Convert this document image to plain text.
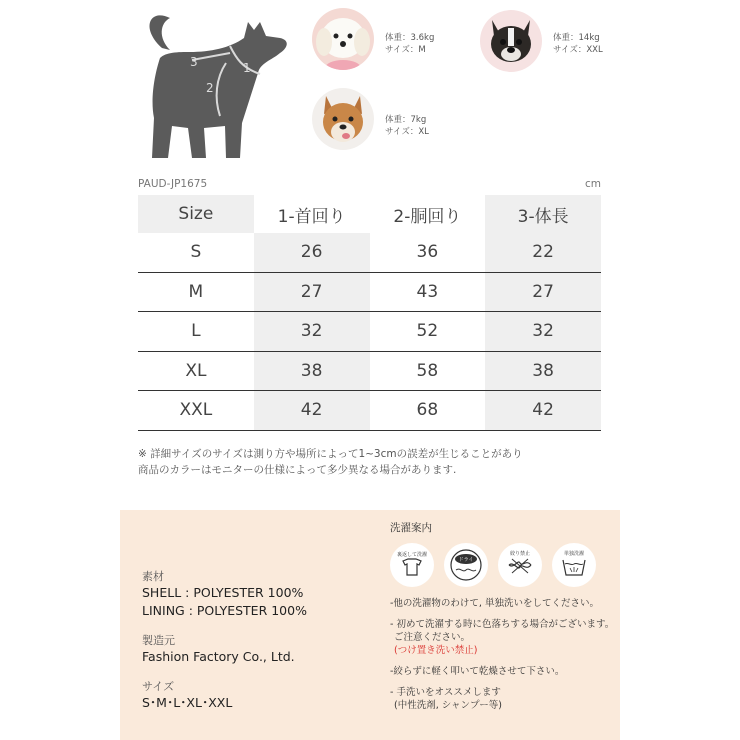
3	1
2
体重：3.6kg
サイズ：M
体重：14kg
サイズ：XXL
体重：7kg
サイズ：XL
PAUD-JP1675	cm
Size	1-首回り	2-胴回り	3-体長
S	26	36	22
M	27	43	27
L	32	52	32
XL	38	58	38
XXL	42	68	42
※ 詳細サイズのサイズは測り方や場所によって1~3cmの誤差が生じることがあり
商品のカラーはモニターの仕様によって多少異なる場合があります.
素材
SHELL : POLYESTER 100%
LINING : POLYESTER 100%
製造元
Fashion Factory Co., Ltd.
サイズ
S･M･L･XL･XXL
洗濯案内
裏返して洗濯
ドライ
絞り禁止	単独洗濯
-他の洗濯物のわけて, 単独洗いをしてください。
- 初めて洗濯する時に色落ちする場合がございます。
ご注意ください。
(つけ置き洗い禁止)
-絞らずに軽く叩いて乾燥させて下さい。
- 手洗いをオススメします
(中性洗剤, シャンプー等)
